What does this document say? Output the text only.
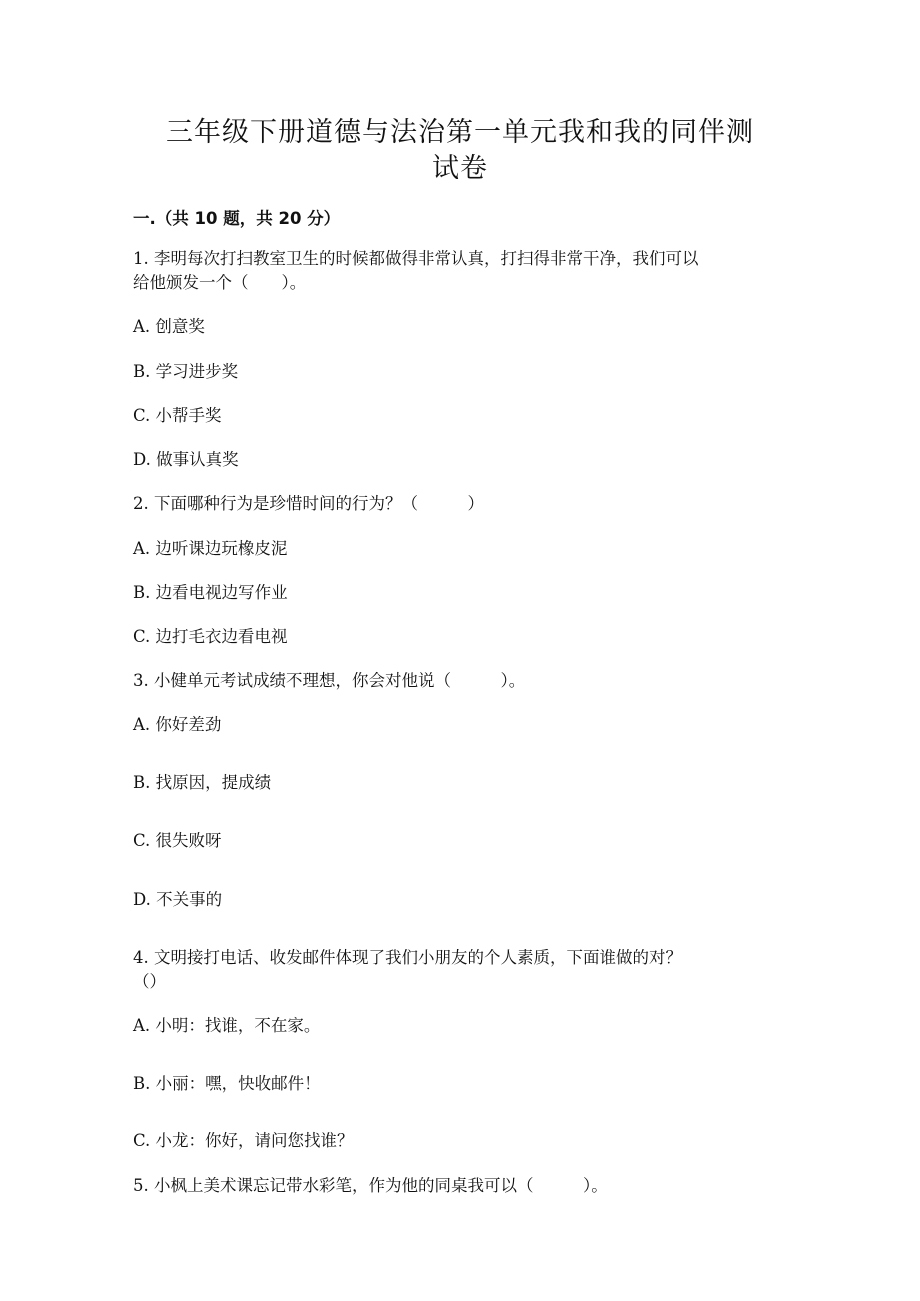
三年级下册道德与法治第一单元我和我的同伴测
试卷
一.（共 10 题，共 20 分）
1. 李明每次打扫教室卫生的时候都做得非常认真，打扫得非常干净，我们可以
给他颁发一个（　　）。
A. 创意奖
B. 学习进步奖
C. 小帮手奖
D. 做事认真奖
2. 下面哪种行为是珍惜时间的行为？（　　　）
A. 边听课边玩橡皮泥
B. 边看电视边写作业
C. 边打毛衣边看电视
3. 小健单元考试成绩不理想，你会对他说（　　　）。
A. 你好差劲
B. 找原因，提成绩
C. 很失败呀
D. 不关事的
4. 文明接打电话、收发邮件体现了我们小朋友的个人素质，下面谁做的对？
（）
A. 小明：找谁，不在家。
B. 小丽：嘿，快收邮件！
C. 小龙：你好，请问您找谁？
5. 小枫上美术课忘记带水彩笔，作为他的同桌我可以（　　　）。
